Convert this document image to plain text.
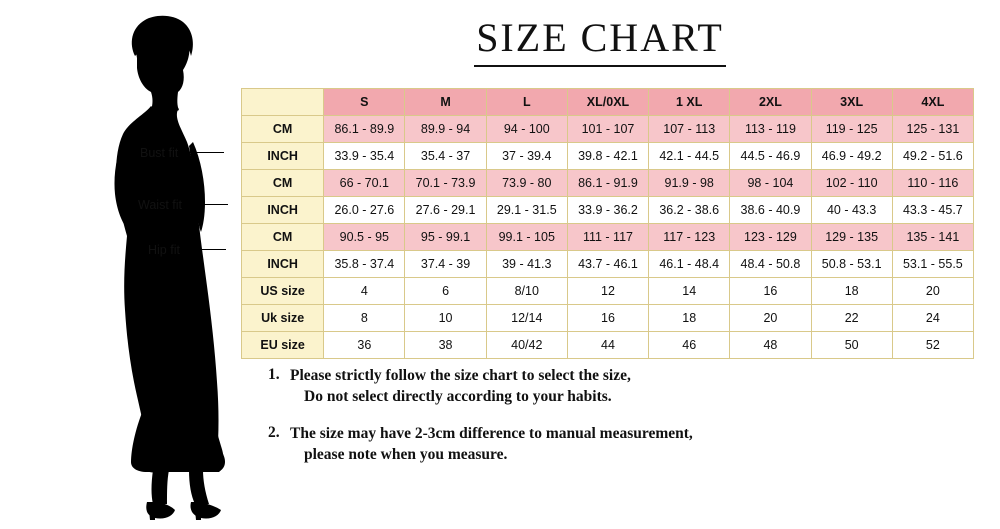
Bust fit
Waist fit
Hip fit
SIZE CHART
	S	M	L	XL/0XL	1 XL	2XL	3XL	4XL
CM	86.1 - 89.9	89.9 - 94	94 - 100	101 - 107	107 - 113	113 - 119	119 - 125	125 - 131
INCH	33.9 - 35.4	35.4 - 37	37 - 39.4	39.8 - 42.1	42.1 - 44.5	44.5 - 46.9	46.9 - 49.2	49.2 - 51.6
CM	66 - 70.1	70.1 - 73.9	73.9 - 80	86.1 - 91.9	91.9 - 98	98 - 104	102 - 110	110 - 116
INCH	26.0 - 27.6	27.6 - 29.1	29.1 - 31.5	33.9 - 36.2	36.2 - 38.6	38.6 - 40.9	40 - 43.3	43.3 - 45.7
CM	90.5 - 95	95 - 99.1	99.1 - 105	111 - 117	117 - 123	123 - 129	129 - 135	135 - 141
INCH	35.8 - 37.4	37.4 - 39	39 - 41.3	43.7 - 46.1	46.1 - 48.4	48.4 - 50.8	50.8 - 53.1	53.1 - 55.5
US size	4	6	8/10	12	14	16	18	20
Uk size	8	10	12/14	16	18	20	22	24
EU size	36	38	40/42	44	46	48	50	52
1. Please strictly follow the size chart to select the size,
Do not select directly according to your habits.
2. The size may have 2-3cm difference to manual measurement,
please note when you measure.
